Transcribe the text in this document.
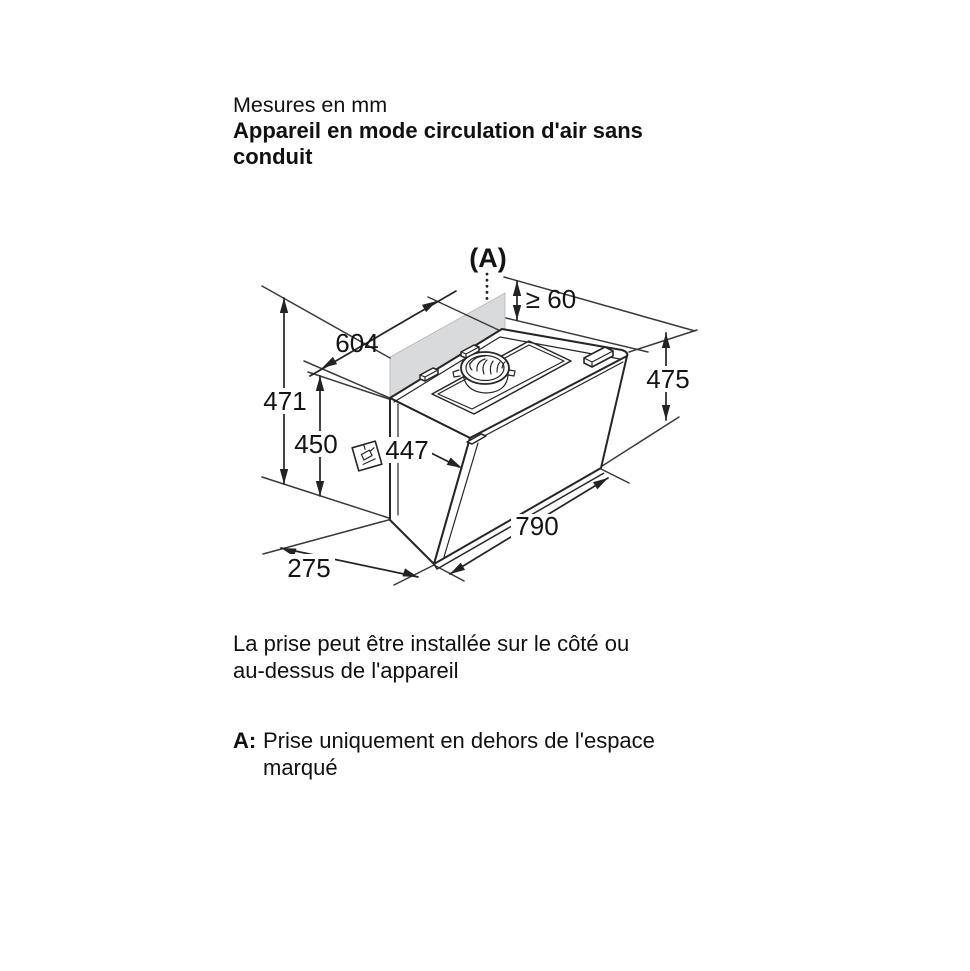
Mesures en mm
Appareil en mode circulation d'air sans
conduit
(A)
≥ 60
604
471
450 447
475
790
275
La prise peut être installée sur le côté ou
au-dessus de l'appareil
A: Prise uniquement en dehors de l'espace
marqué
